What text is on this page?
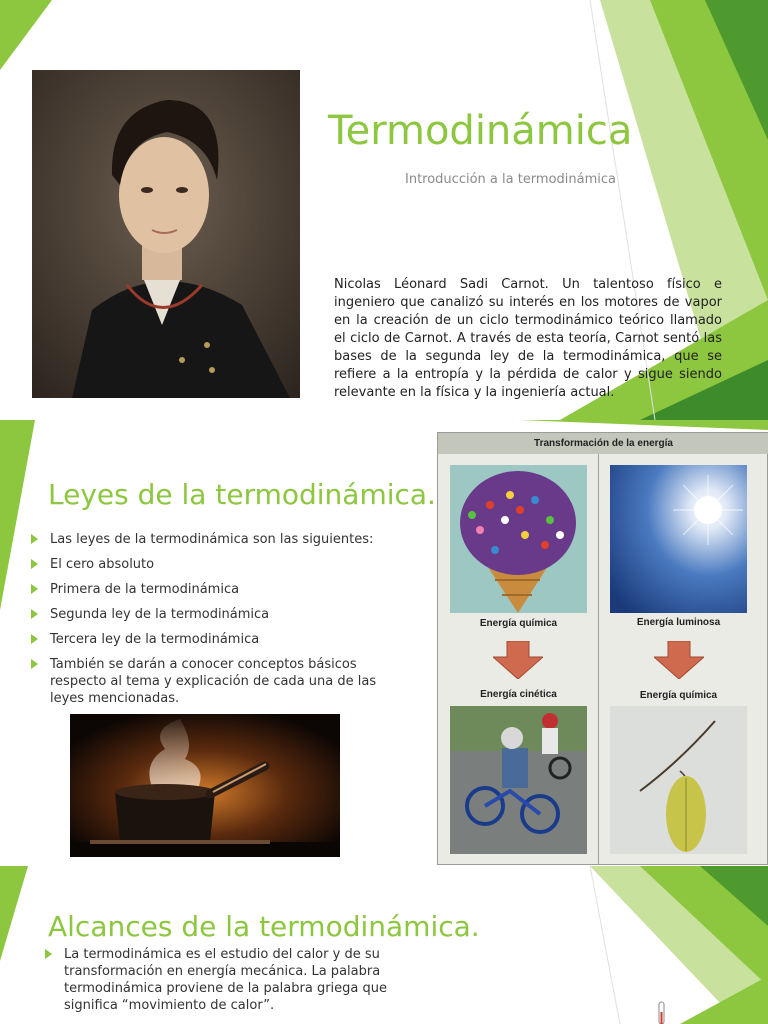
Termodinámica
Introducción a la termodinámica

Nicolas Léonard Sadi Carnot. Un talentoso físico e ingeniero que canalizó su interés en los motores de vapor en la creación de un ciclo termodinámico teórico llamado el ciclo de Carnot. A través de esta teoría, Carnot sentó las bases de la segunda ley de la termodinámica, que se refiere a la entropía y la pérdida de calor y sigue siendo relevante en la física y la ingeniería actual.

Leyes de la termodinámica.
Las leyes de la termodinámica son las siguientes:
El cero absoluto
Primera de la termodinámica
Segunda ley de la termodinámica
Tercera ley de la termodinámica
También se darán a conocer conceptos básicos respecto al tema y explicación de cada una de las leyes mencionadas.
Transformación de la energía
Energía química
Energía cinética
Energía luminosa
Energía química
Alcances de la termodinámica.
La termodinámica es el estudio del calor y de su transformación en energía mecánica. La palabra termodinámica proviene de la palabra griega que significa “movimiento de calor”.
